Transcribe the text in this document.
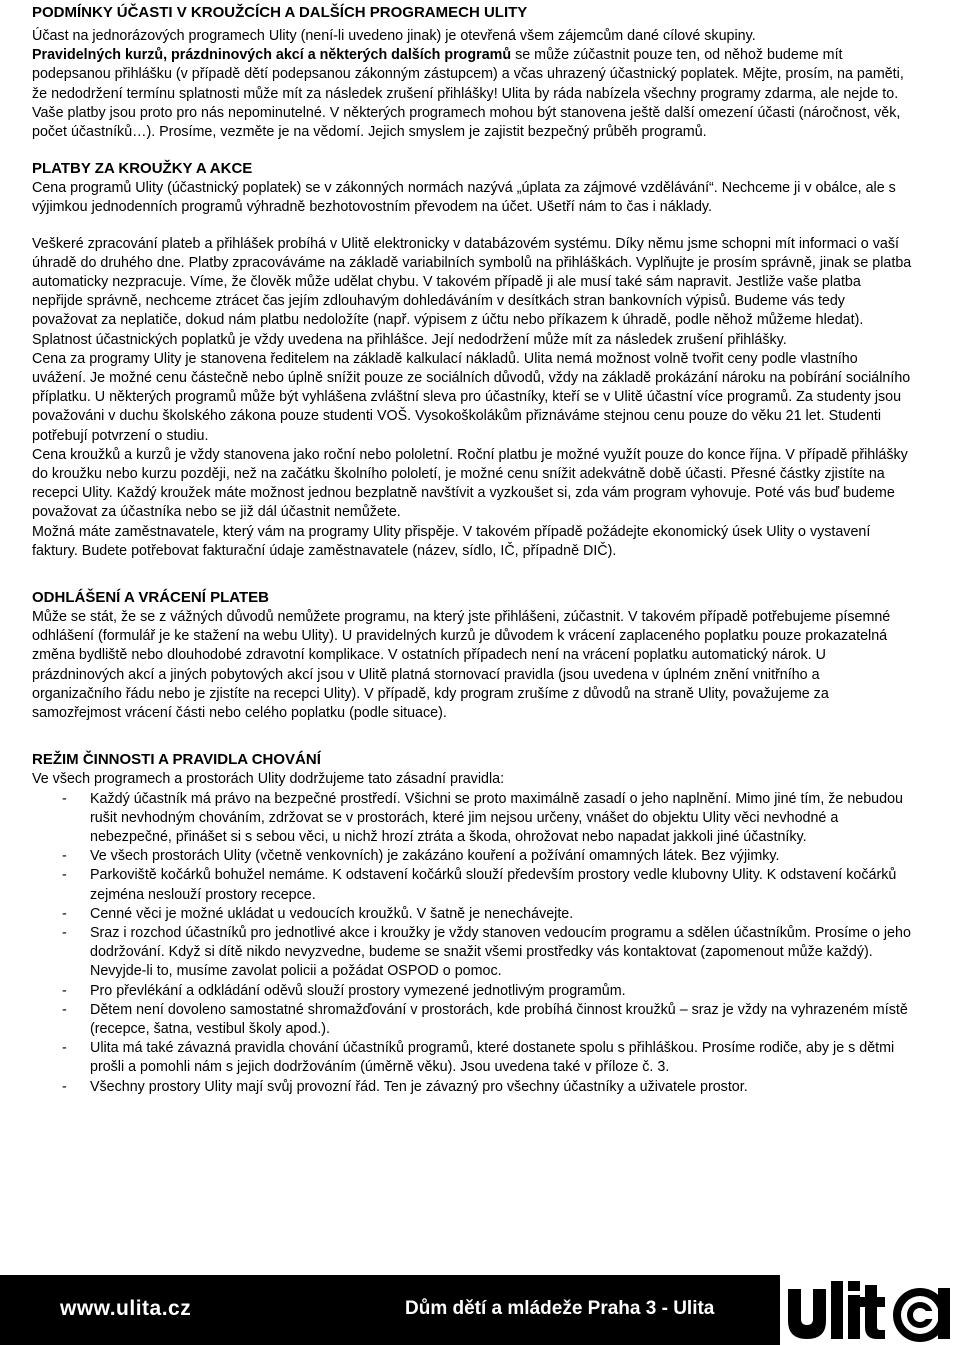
PODMÍNKY ÚČASTI V KROUŽCÍCH A DALŠÍCH PROGRAMECH ULITY

Účast na jednorázových programech Ulity (není-li uvedeno jinak) je otevřená všem zájemcům dané cílové skupiny.

Pravidelných kurzů, prázdninových akcí a některých dalších programů se může zúčastnit pouze ten, od něhož budeme mít podepsanou přihlášku (v případě dětí podepsanou zákonným zástupcem) a včas uhrazený účastnický poplatek. Mějte, prosím, na paměti, že nedodržení termínu splatnosti může mít za následek zrušení přihlášky! Ulita by ráda nabízela všechny programy zdarma, ale nejde to. Vaše platby jsou proto pro nás nepominutelné. V některých programech mohou být stanovena ještě další omezení účasti (náročnost, věk, počet účastníků…). Prosíme, vezměte je na vědomí. Jejich smyslem je zajistit bezpečný průběh programů.

PLATBY ZA KROUŽKY A AKCE

Cena programů Ulity (účastnický poplatek) se v zákonných normách nazývá „úplata za zájmové vzdělávání“. Nechceme ji v obálce, ale s výjimkou jednodenních programů výhradně bezhotovostním převodem na účet. Ušetří nám to čas i náklady.

Veškeré zpracování plateb a přihlášek probíhá v Ulitě elektronicky v databázovém systému. Díky němu jsme schopni mít informaci o vaší úhradě do druhého dne. Platby zpracováváme na základě variabilních symbolů na přihláškách. Vyplňujte je prosím správně, jinak se platba automaticky nezpracuje. Víme, že člověk může udělat chybu. V takovém případě ji ale musí také sám napravit. Jestliže vaše platba nepřijde správně, nechceme ztrácet čas jejím zdlouhavým dohledáváním v desítkách stran bankovních výpisů. Budeme vás tedy považovat za neplatiče, dokud nám platbu nedoložíte (např. výpisem z účtu nebo příkazem k úhradě, podle něhož můžeme hledat).

Splatnost účastnických poplatků je vždy uvedena na přihlášce. Její nedodržení může mít za následek zrušení přihlášky.

Cena za programy Ulity je stanovena ředitelem na základě kalkulací nákladů. Ulita nemá možnost volně tvořit ceny podle vlastního uvážení. Je možné cenu částečně nebo úplně snížit pouze ze sociálních důvodů, vždy na základě prokázání nároku na pobírání sociálního příplatku. U některých programů může být vyhlášena zvláštní sleva pro účastníky, kteří se v Ulitě účastní více programů. Za studenty jsou považováni v duchu školského zákona pouze studenti VOŠ. Vysokoškolákům přiznáváme stejnou cenu pouze do věku 21 let. Studenti potřebují potvrzení o studiu.

Cena kroužků a kurzů je vždy stanovena jako roční nebo pololetní. Roční platbu je možné využít pouze do konce října. V případě přihlášky do kroužku nebo kurzu později, než na začátku školního pololetí, je možné cenu snížit adekvátně době účasti. Přesné částky zjistíte na recepci Ulity. Každý kroužek máte možnost jednou bezplatně navštívit a vyzkoušet si, zda vám program vyhovuje. Poté vás buď budeme považovat za účastníka nebo se již dál účastnit nemůžete.

Možná máte zaměstnavatele, který vám na programy Ulity přispěje. V takovém případě požádejte ekonomický úsek Ulity o vystavení faktury. Budete potřebovat fakturační údaje zaměstnavatele (název, sídlo, IČ, případně DIČ).

ODHLÁŠENÍ A VRÁCENÍ PLATEB

Může se stát, že se z vážných důvodů nemůžete programu, na který jste přihlášeni, zúčastnit. V takovém případě potřebujeme písemné odhlášení (formulář je ke stažení na webu Ulity). U pravidelných kurzů je důvodem k vrácení zaplaceného poplatku pouze prokazatelná změna bydliště nebo dlouhodobé zdravotní komplikace. V ostatních případech není na vrácení poplatku automatický nárok. U prázdninových akcí a jiných pobytových akcí jsou v Ulitě platná stornovací pravidla (jsou uvedena v úplném znění vnitřního a organizačního řádu nebo je zjistíte na recepci Ulity). V případě, kdy program zrušíme z důvodů na straně Ulity, považujeme za samozřejmost vrácení části nebo celého poplatku (podle situace).

REŽIM ČINNOSTI A PRAVIDLA CHOVÁNÍ

Ve všech programech a prostorách Ulity dodržujeme tato zásadní pravidla:

- Každý účastník má právo na bezpečné prostředí. Všichni se proto maximálně zasadí o jeho naplnění. Mimo jiné tím, že nebudou rušit nevhodným chováním, zdržovat se v prostorách, které jim nejsou určeny, vnášet do objektu Ulity věci nevhodné a nebezpečné, přinášet si s sebou věci, u nichž hrozí ztráta a škoda, ohrožovat nebo napadat jakkoli jiné účastníky.
- Ve všech prostorách Ulity (včetně venkovních) je zakázáno kouření a požívání omamných látek. Bez výjimky.
- Parkoviště kočárků bohužel nemáme. K odstavení kočárků slouží především prostory vedle klubovny Ulity. K odstavení kočárků zejména neslouží prostory recepce.
- Cenné věci je možné ukládat u vedoucích kroužků. V šatně je nenechávejte.
- Sraz i rozchod účastníků pro jednotlivé akce i kroužky je vždy stanoven vedoucím programu a sdělen účastníkům. Prosíme o jeho dodržování. Když si dítě nikdo nevyzvedne, budeme se snažit všemi prostředky vás kontaktovat (zapomenout může každý). Nevyjde-li to, musíme zavolat policii a požádat OSPOD o pomoc.
- Pro převlékání a odkládání oděvů slouží prostory vymezené jednotlivým programům.
- Dětem není dovoleno samostatné shromažďování v prostorách, kde probíhá činnost kroužků – sraz je vždy na vyhrazeném místě (recepce, šatna, vestibul školy apod.).
- Ulita má také závazná pravidla chování účastníků programů, které dostanete spolu s přihláškou. Prosíme rodiče, aby je s dětmi prošli a pomohli nám s jejich dodržováním (úměrně věku). Jsou uvedena také v příloze č. 3.
- Všechny prostory Ulity mají svůj provozní řád. Ten je závazný pro všechny účastníky a uživatele prostor.
www.ulita.cz	Dům dětí a mládeže Praha 3 - Ulita
